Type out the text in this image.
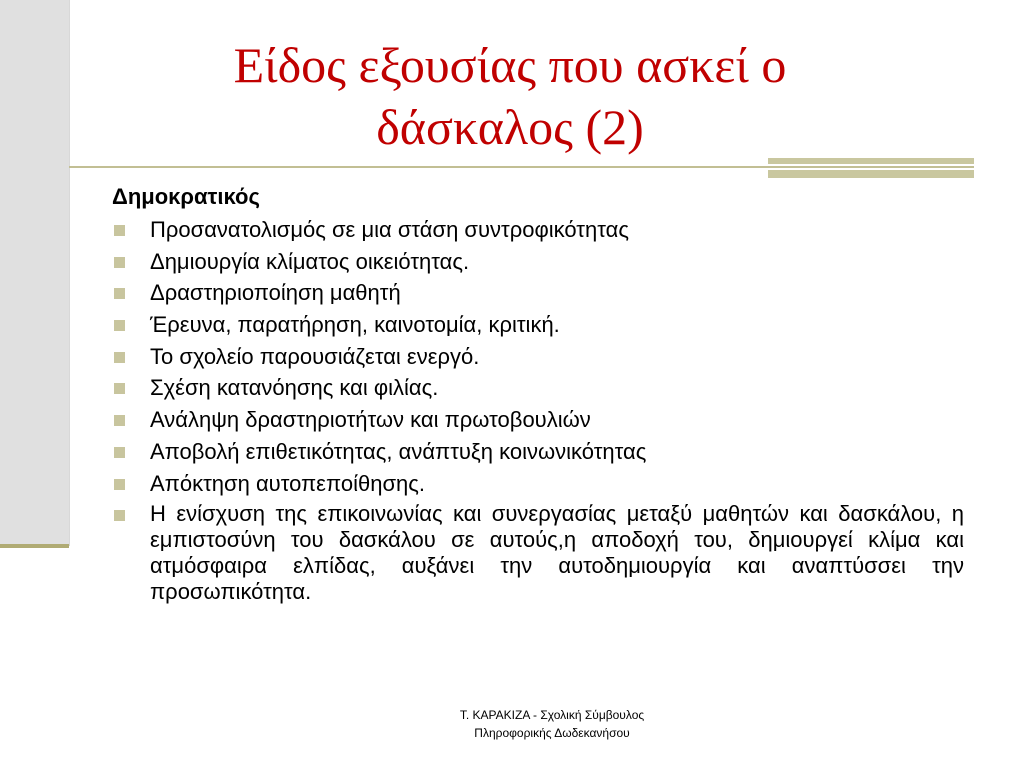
Είδος εξουσίας που ασκεί ο
δάσκαλος (2)
Δημοκρατικός
Προσανατολισμός σε μια στάση συντροφικότητας
Δημιουργία κλίματος οικειότητας.
Δραστηριοποίηση μαθητή
Έρευνα, παρατήρηση, καινοτομία, κριτική.
Το σχολείο παρουσιάζεται ενεργό.
Σχέση κατανόησης και φιλίας.
Ανάληψη δραστηριοτήτων και πρωτοβουλιών
Αποβολή επιθετικότητας, ανάπτυξη κοινωνικότητας
Απόκτηση αυτοπεποίθησης.
Η ενίσχυση της επικοινωνίας και συνεργασίας μεταξύ μαθητών και δασκάλου, η εμπιστοσύνη του δασκάλου σε αυτούς,η αποδοχή του, δημιουργεί κλίμα και ατμόσφαιρα ελπίδας, αυξάνει την αυτοδημιουργία και αναπτύσσει την προσωπικότητα.
Τ. ΚΑΡΑΚΙΖΑ - Σχολική Σύμβουλος
Πληροφορικής Δωδεκανήσου
